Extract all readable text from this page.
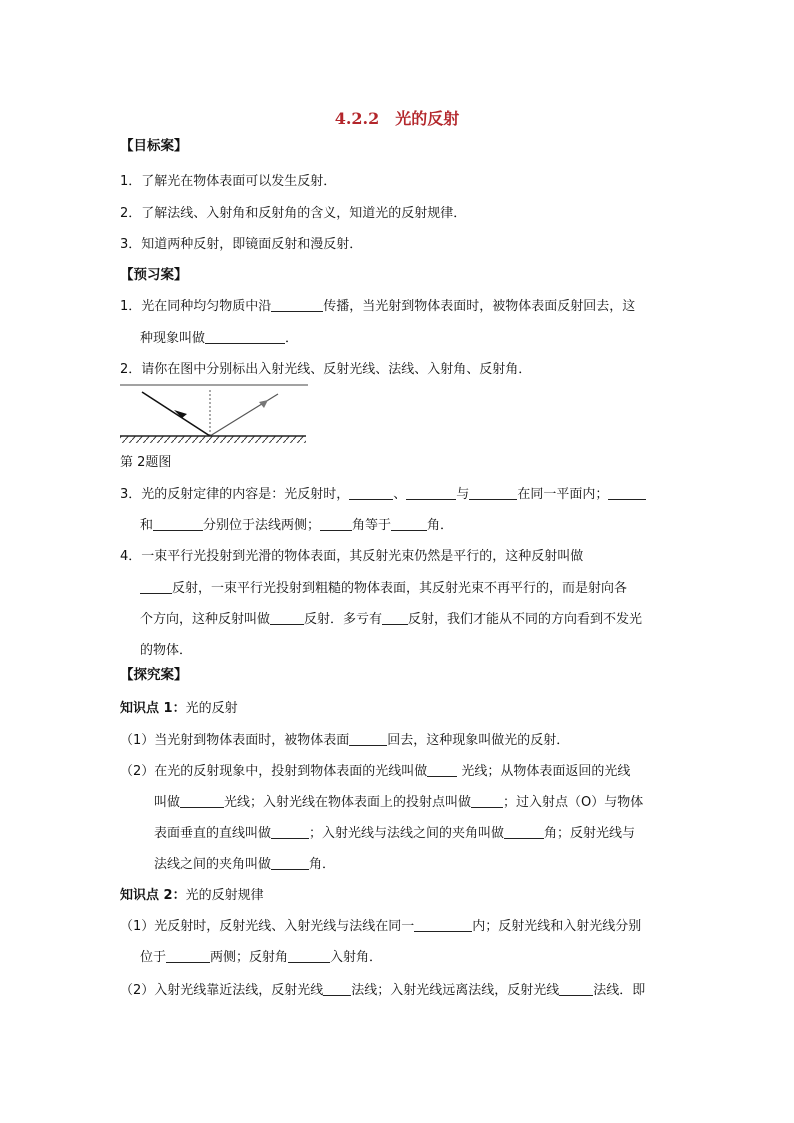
4.2.2　光的反射
【目标案】
1．了解光在物体表面可以发生反射．
2．了解法线、入射角和反射角的含义，知道光的反射规律．
3．知道两种反射，即镜面反射和漫反射．
【预习案】
1．光在同种均匀物质中沿	传播，当光射到物体表面时，被物体表面反射回去，这
种现象叫做	．
2．请你在图中分别标出入射光线、反射光线、法线、入射角、反射角．
第 2题图
3．光的反射定律的内容是：光反射时，	、	与	在同一平面内；
和	分别位于法线两侧； 角等于	角．
4．一束平行光投射到光滑的物体表面，其反射光束仍然是平行的，这种反射叫做
反射，一束平行光投射到粗糙的物体表面，其反射光束不再平行的，而是射向各
个方向，这种反射叫做	反射．多亏有 反射，我们才能从不同的方向看到不发光
的物体．
【探究案】
知识点 1：光的反射
（1）当光射到物体表面时，被物体表面	回去，这种现象叫做光的反射．
（2）在光的反射现象中，投射到物体表面的光线叫做 光线；从物体表面返回的光线
叫做	光线；入射光线在物体表面上的投射点叫做 ；过入射点（O）与物体
表面垂直的直线叫做	；入射光线与法线之间的夹角叫做	角；反射光线与
法线之间的夹角叫做	角．
知识点 2：光的反射规律
（1）光反射时，反射光线、入射光线与法线在同一	内；反射光线和入射光线分别
位于	两侧；反射角	入射角．
（2）入射光线靠近法线，反射光线 法线；入射光线远离法线，反射光线	法线．即
